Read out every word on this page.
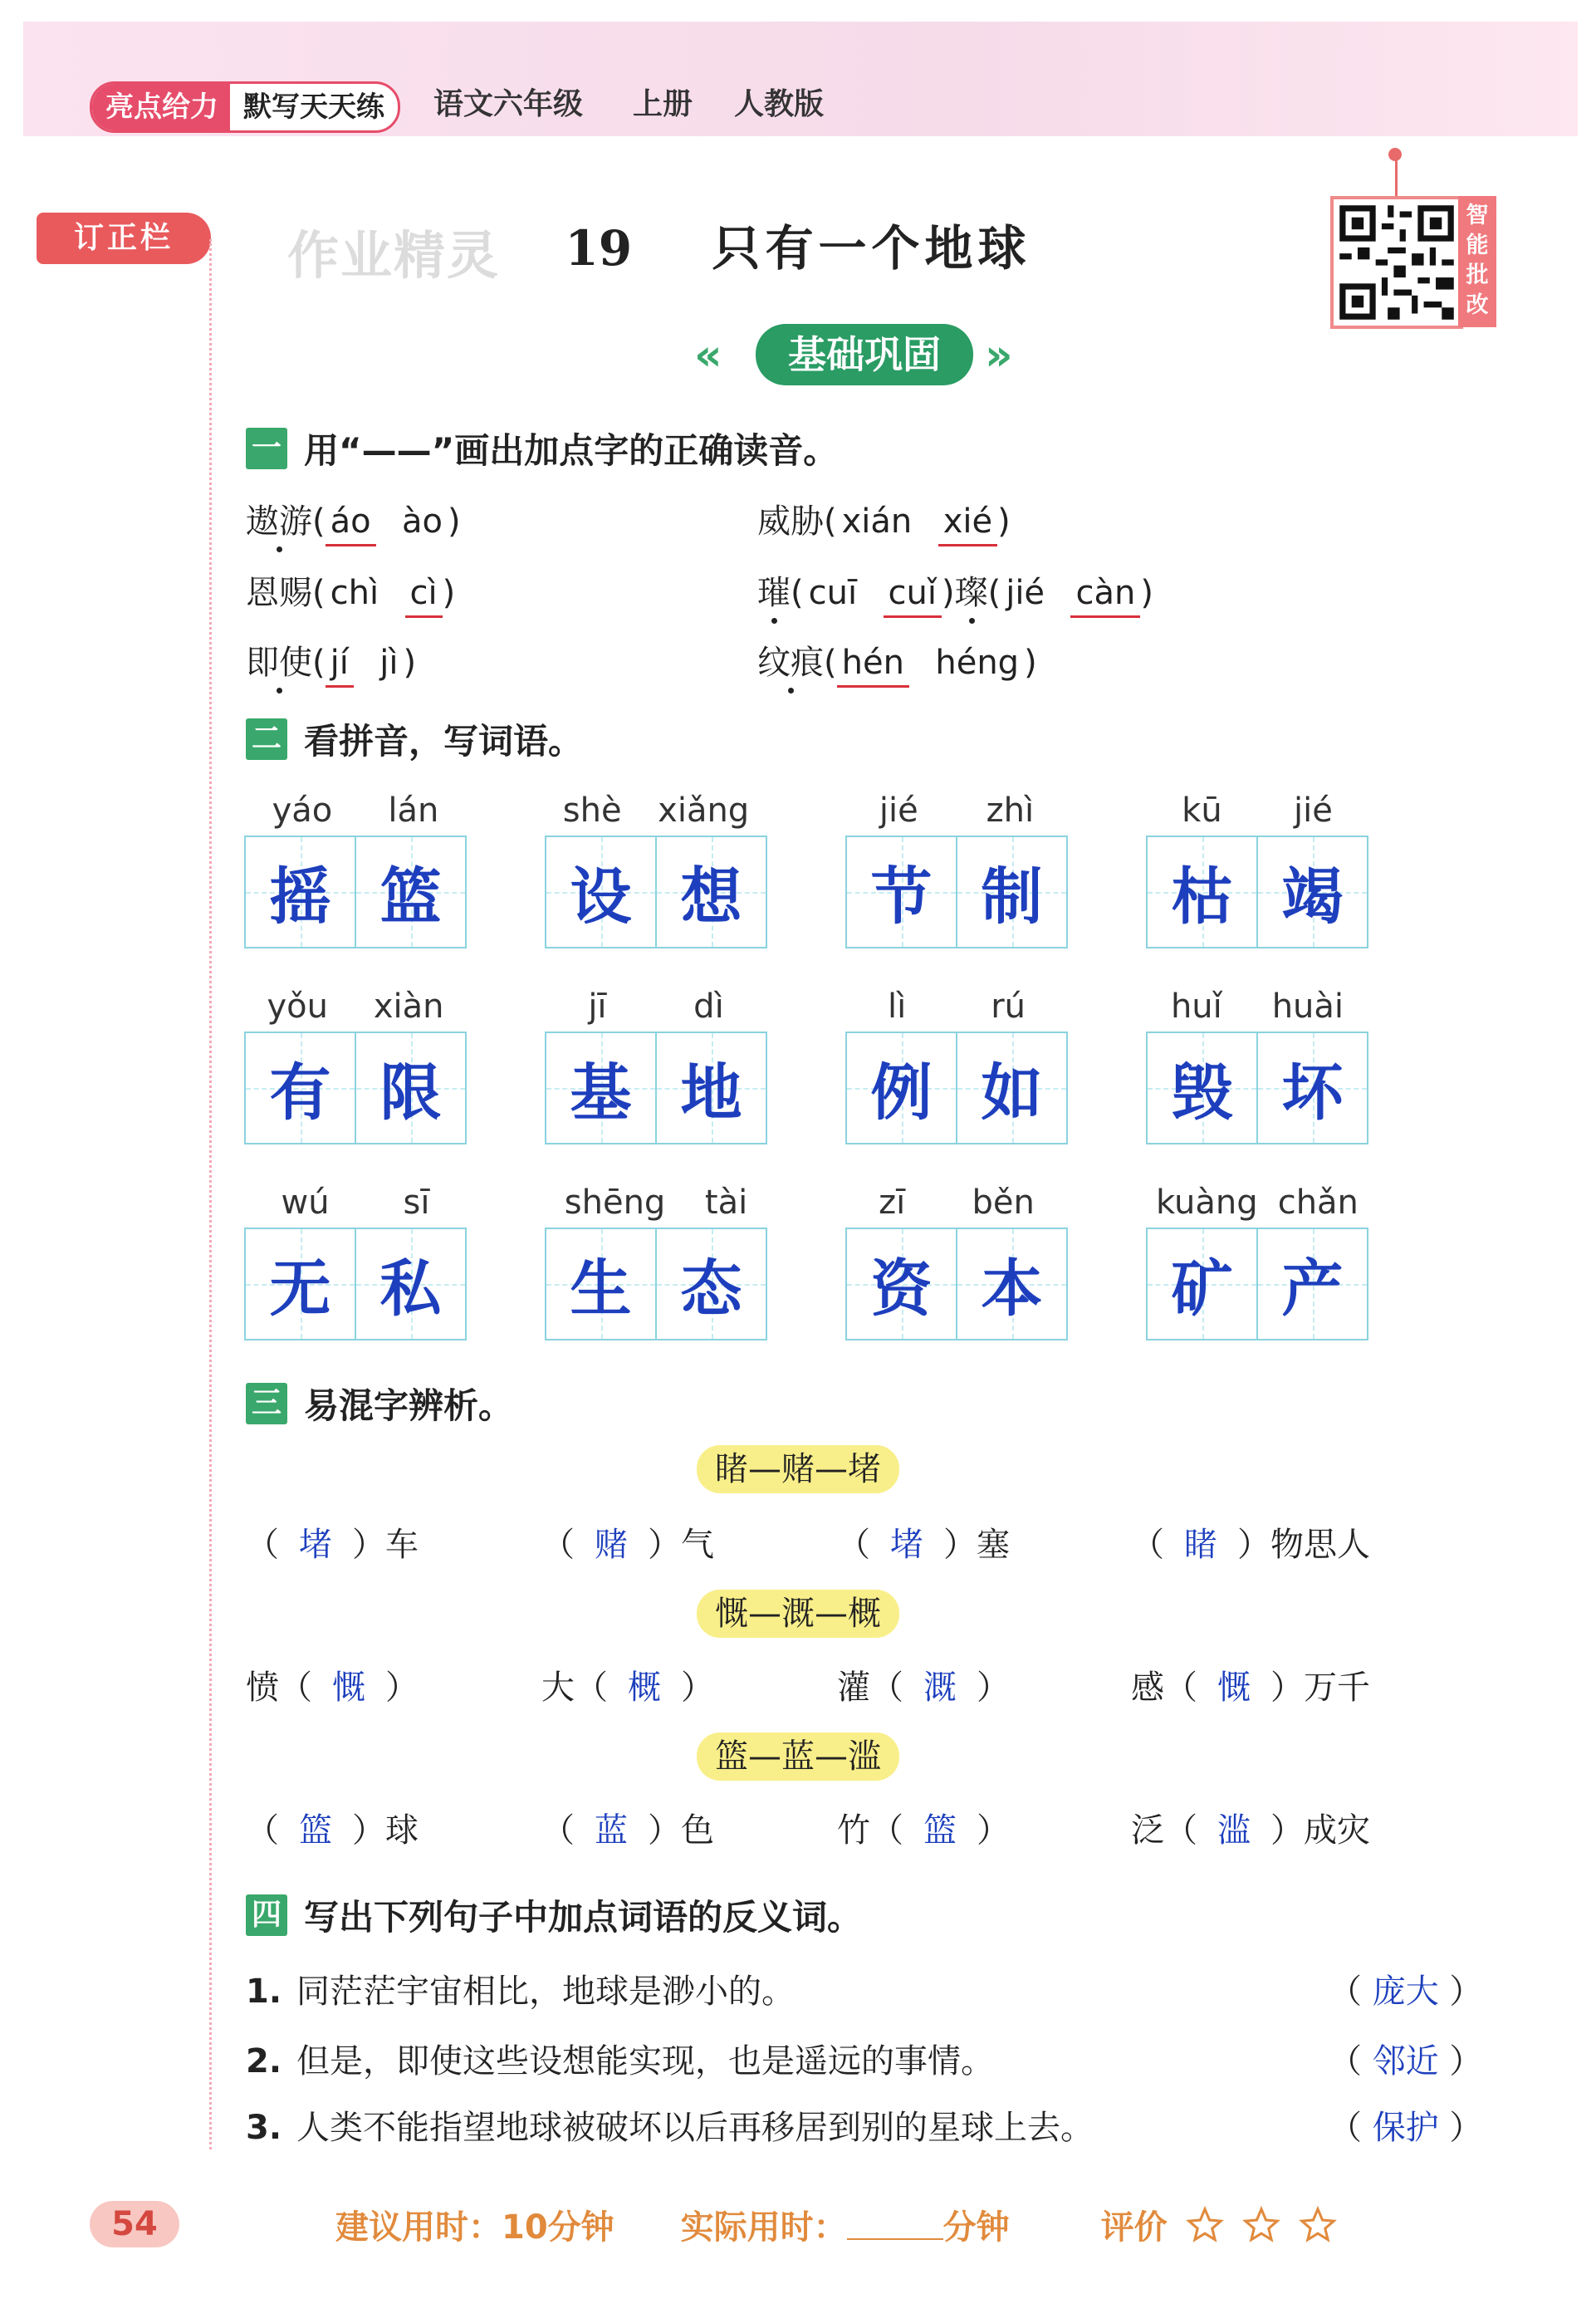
亮点给力 默写天天练	语文六年级 上册 人教版
订正栏	作业精灵	19 只有一个地球
智
能
批
改
«	基础巩固	»
一 用“——”画出加点字的正确读音。
遨游( áo ào )	威胁( xián xié )
恩赐( chì cì )	璀( cuī cuǐ )璨( jié càn )
即使( jí jì )	纹痕( hén héng )
二 看拼音，写词语。
yáo lán
摇 篮
shè xiǎng
设 想
jié zhì
节 制
kū jié
枯 竭
yǒu xiàn
有 限
jī	dì
基 地
lì	rú
例 如
huǐ huài
毁 坏
wú sī
无 私
shēng tài
生 态
zī běn
资 本
kuàng chǎn
矿 产
三 易混字辨析。
睹—赌—堵
（ 堵 ）车	（ 赌 ）气	（ 堵 ）塞	（ 睹 ）物思人
慨—溉—概
愤（ 慨 ）	大（ 概 ）	灌（ 溉 ）	感（ 慨 ）万千
篮—蓝—滥
（ 篮 ）球	（ 蓝 ）色	竹（ 篮 ）	泛（ 滥 ）成灾
四 写出下列句子中加点词语的反义词。
1. 同茫茫宇宙相比，地球是渺小的。	（ 庞大 ）
2. 但是，即使这些设想能实现，也是遥远的事情。	（ 邻近 ）
3. 人类不能指望地球被破坏以后再移居到别的星球上去。	（ 保护 ）
54	建议用时：10分钟 实际用时：	分钟	评价
